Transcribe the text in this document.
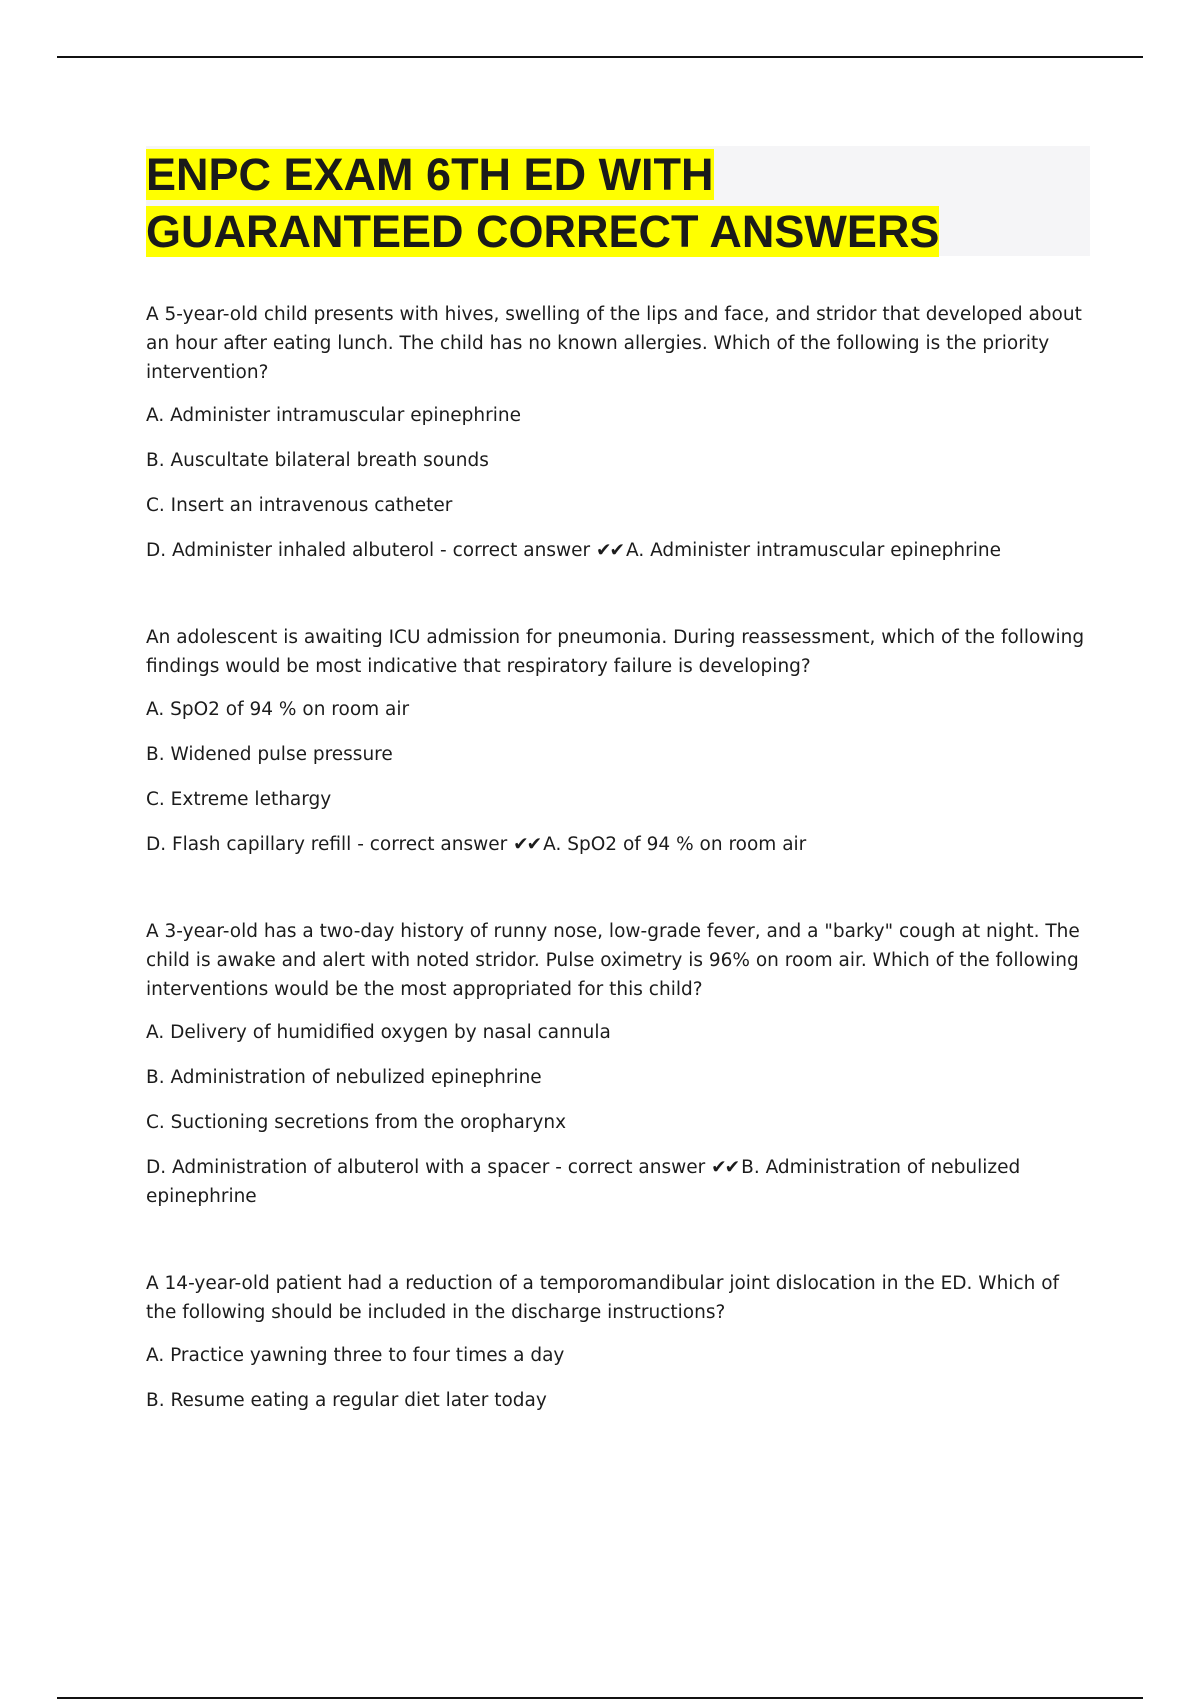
ENPC EXAM 6TH ED WITH
GUARANTEED CORRECT ANSWERS

A 5-year-old child presents with hives, swelling of the lips and face, and stridor that developed about an hour after eating lunch. The child has no known allergies. Which of the following is the priority intervention?

A. Administer intramuscular epinephrine

B. Auscultate bilateral breath sounds

C. Insert an intravenous catheter

D. Administer inhaled albuterol - correct answer ✔✔ A. Administer intramuscular epinephrine

An adolescent is awaiting ICU admission for pneumonia. During reassessment, which of the following findings would be most indicative that respiratory failure is developing?

A. SpO2 of 94 % on room air

B. Widened pulse pressure

C. Extreme lethargy

D. Flash capillary refill - correct answer ✔✔ A. SpO2 of 94 % on room air

A 3-year-old has a two-day history of runny nose, low-grade fever, and a "barky" cough at night. The child is awake and alert with noted stridor. Pulse oximetry is 96% on room air. Which of the following interventions would be the most appropriated for this child?

A. Delivery of humidified oxygen by nasal cannula

B. Administration of nebulized epinephrine

C. Suctioning secretions from the oropharynx

D. Administration of albuterol with a spacer - correct answer ✔✔ B. Administration of nebulized epinephrine

A 14-year-old patient had a reduction of a temporomandibular joint dislocation in the ED. Which of the following should be included in the discharge instructions?

A. Practice yawning three to four times a day

B. Resume eating a regular diet later today
